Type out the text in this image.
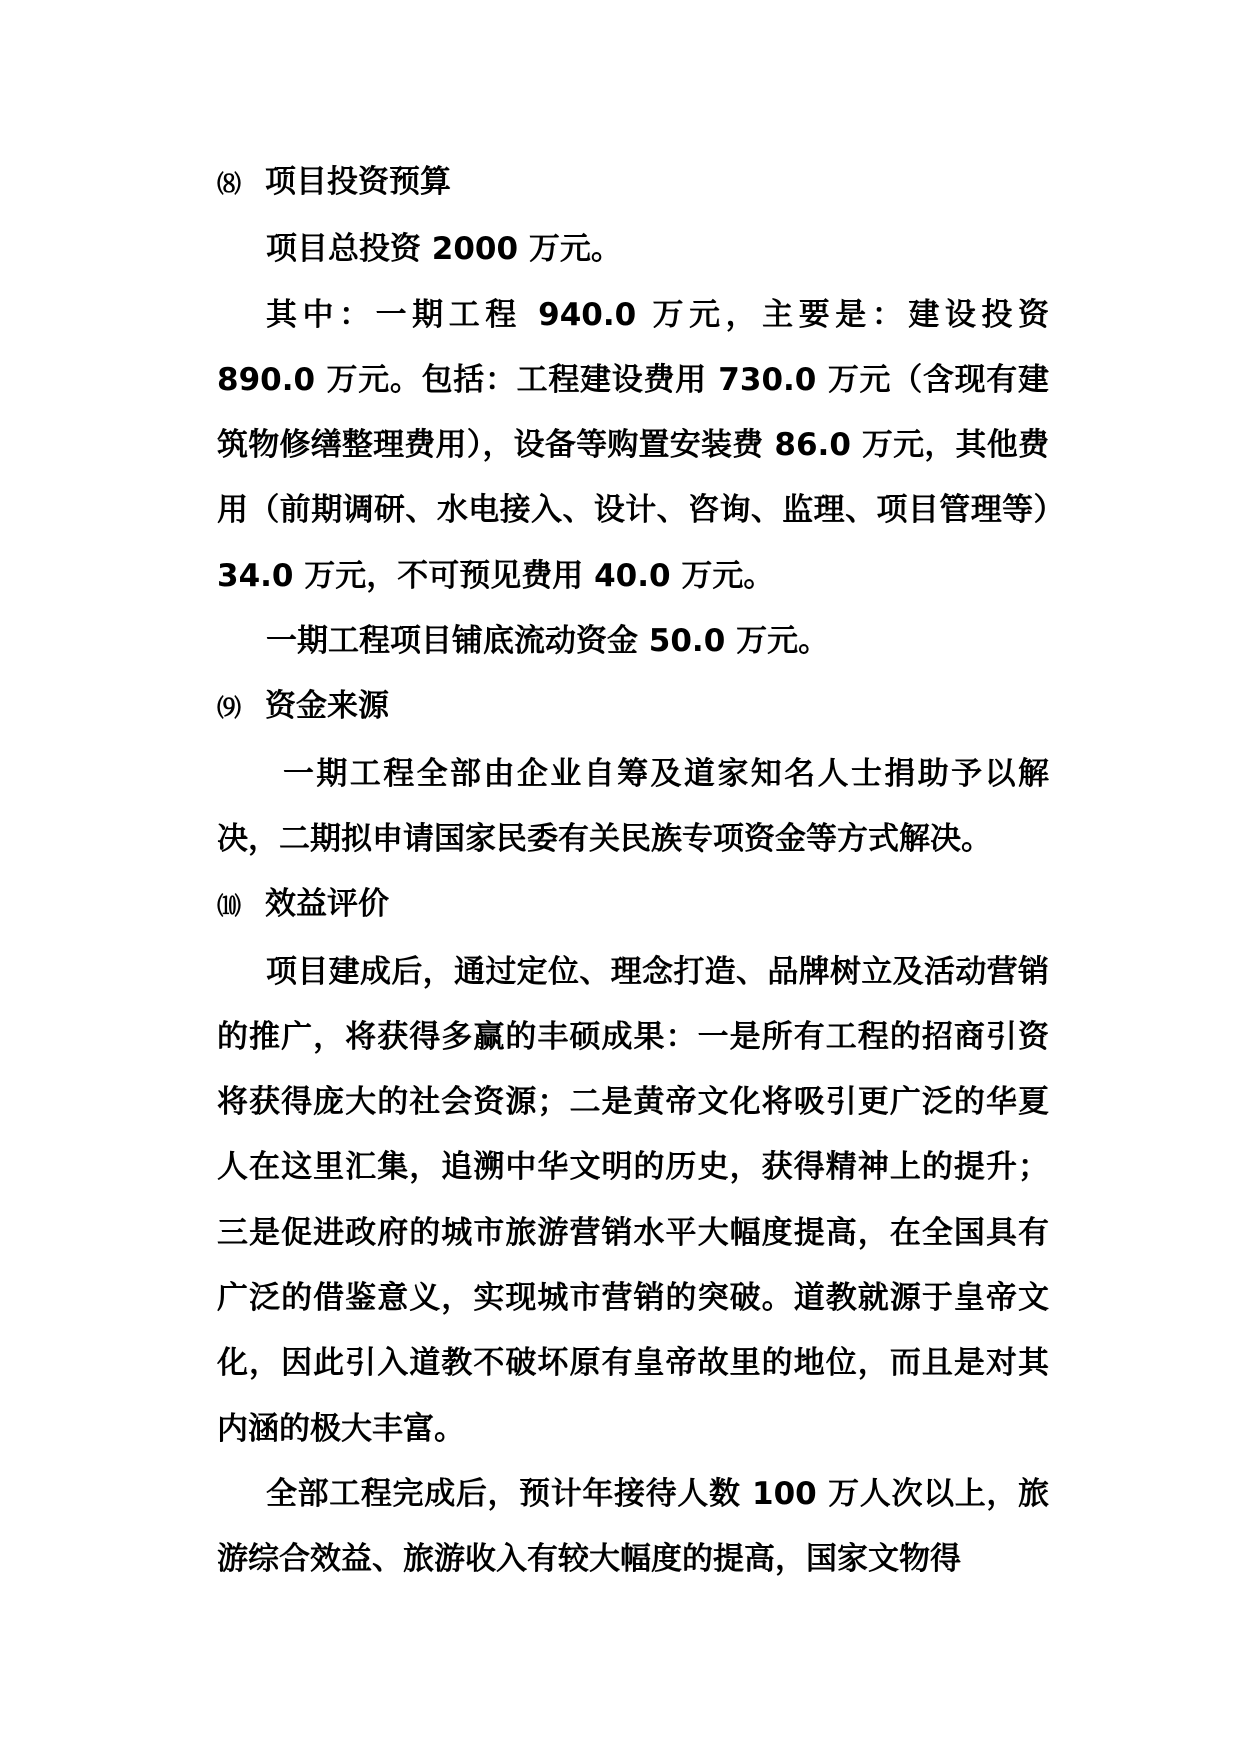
⑻ 项目投资预算

项目总投资 2000 万元。

其中：一期工程 940.0 万元，主要是：建设投资 890.0 万元。包括：工程建设费用 730.0 万元（含现有建筑物修缮整理费用），设备等购置安装费 86.0 万元，其他费用（前期调研、水电接入、设计、咨询、监理、项目管理等）34.0 万元，不可预见费用 40.0 万元。

一期工程项目铺底流动资金 50.0 万元。

⑼ 资金来源

一期工程全部由企业自筹及道家知名人士捐助予以解决，二期拟申请国家民委有关民族专项资金等方式解决。

⑽ 效益评价

项目建成后，通过定位、理念打造、品牌树立及活动营销的推广，将获得多赢的丰硕成果：一是所有工程的招商引资将获得庞大的社会资源；二是黄帝文化将吸引更广泛的华夏人在这里汇集，追溯中华文明的历史，获得精神上的提升；三是促进政府的城市旅游营销水平大幅度提高，在全国具有广泛的借鉴意义，实现城市营销的突破。道教就源于皇帝文化，因此引入道教不破坏原有皇帝故里的地位，而且是对其内涵的极大丰富。

全部工程完成后，预计年接待人数 100 万人次以上，旅游综合效益、旅游收入有较大幅度的提高，国家文物得
